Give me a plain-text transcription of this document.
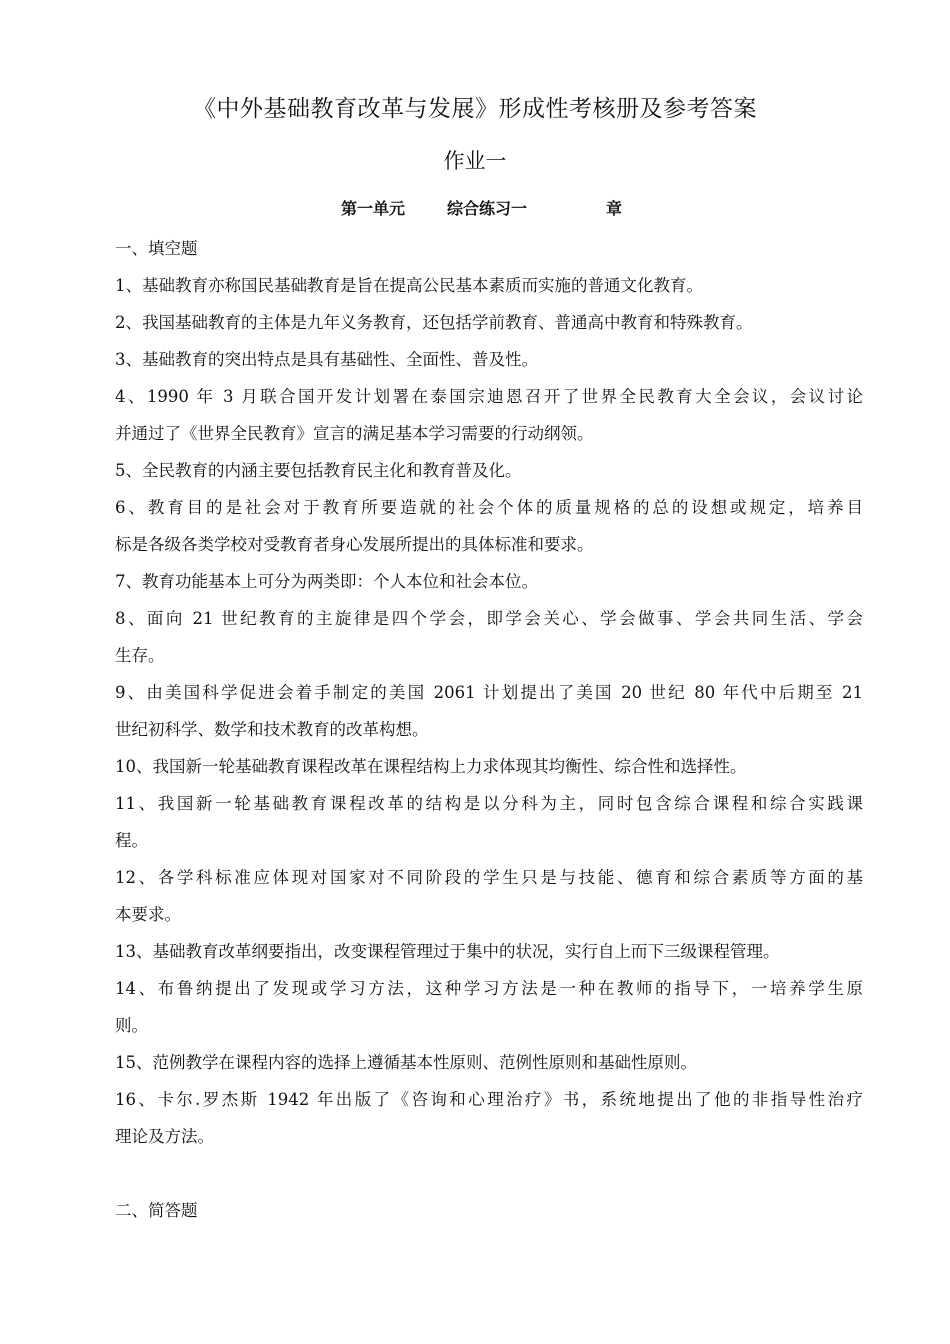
《中外基础教育改革与发展》形成性考核册及参考答案
作业一

第一单元

	综合练习一

	章

一、填空题
1、基础教育亦称国民基础教育是旨在提高公民基本素质而实施的普通文化教育。
2、我国基础教育的主体是九年义务教育，还包括学前教育、普通高中教育和特殊教育。
3、基础教育的突出特点是具有基础性、全面性、普及性。
4、1990 年 3 月联合国开发计划署在泰国宗迪恩召开了世界全民教育大全会议，会议讨论
并通过了《世界全民教育》宣言的满足基本学习需要的行动纲领。
5、全民教育的内涵主要包括教育民主化和教育普及化。
6、教育目的是社会对于教育所要造就的社会个体的质量规格的总的设想或规定，培养目
标是各级各类学校对受教育者身心发展所提出的具体标准和要求。
7、教育功能基本上可分为两类即：个人本位和社会本位。
8、面向 21 世纪教育的主旋律是四个学会，即学会关心、学会做事、学会共同生活、学会
生存。
9、由美国科学促进会着手制定的美国 2061 计划提出了美国 20 世纪 80 年代中后期至 21
世纪初科学、数学和技术教育的改革构想。
10、我国新一轮基础教育课程改革在课程结构上力求体现其均衡性、综合性和选择性。
11、我国新一轮基础教育课程改革的结构是以分科为主，同时包含综合课程和综合实践课
程。
12、各学科标准应体现对国家对不同阶段的学生只是与技能、德育和综合素质等方面的基
本要求。
13、基础教育改革纲要指出，改变课程管理过于集中的状况，实行自上而下三级课程管理。
14、布鲁纳提出了发现或学习方法，这种学习方法是一种在教师的指导下，一培养学生原
则。
15、范例教学在课程内容的选择上遵循基本性原则、范例性原则和基础性原则。
16、卡尔.罗杰斯 1942 年出版了《咨询和心理治疗》书，系统地提出了他的非指导性治疗
理论及方法。
二、简答题
